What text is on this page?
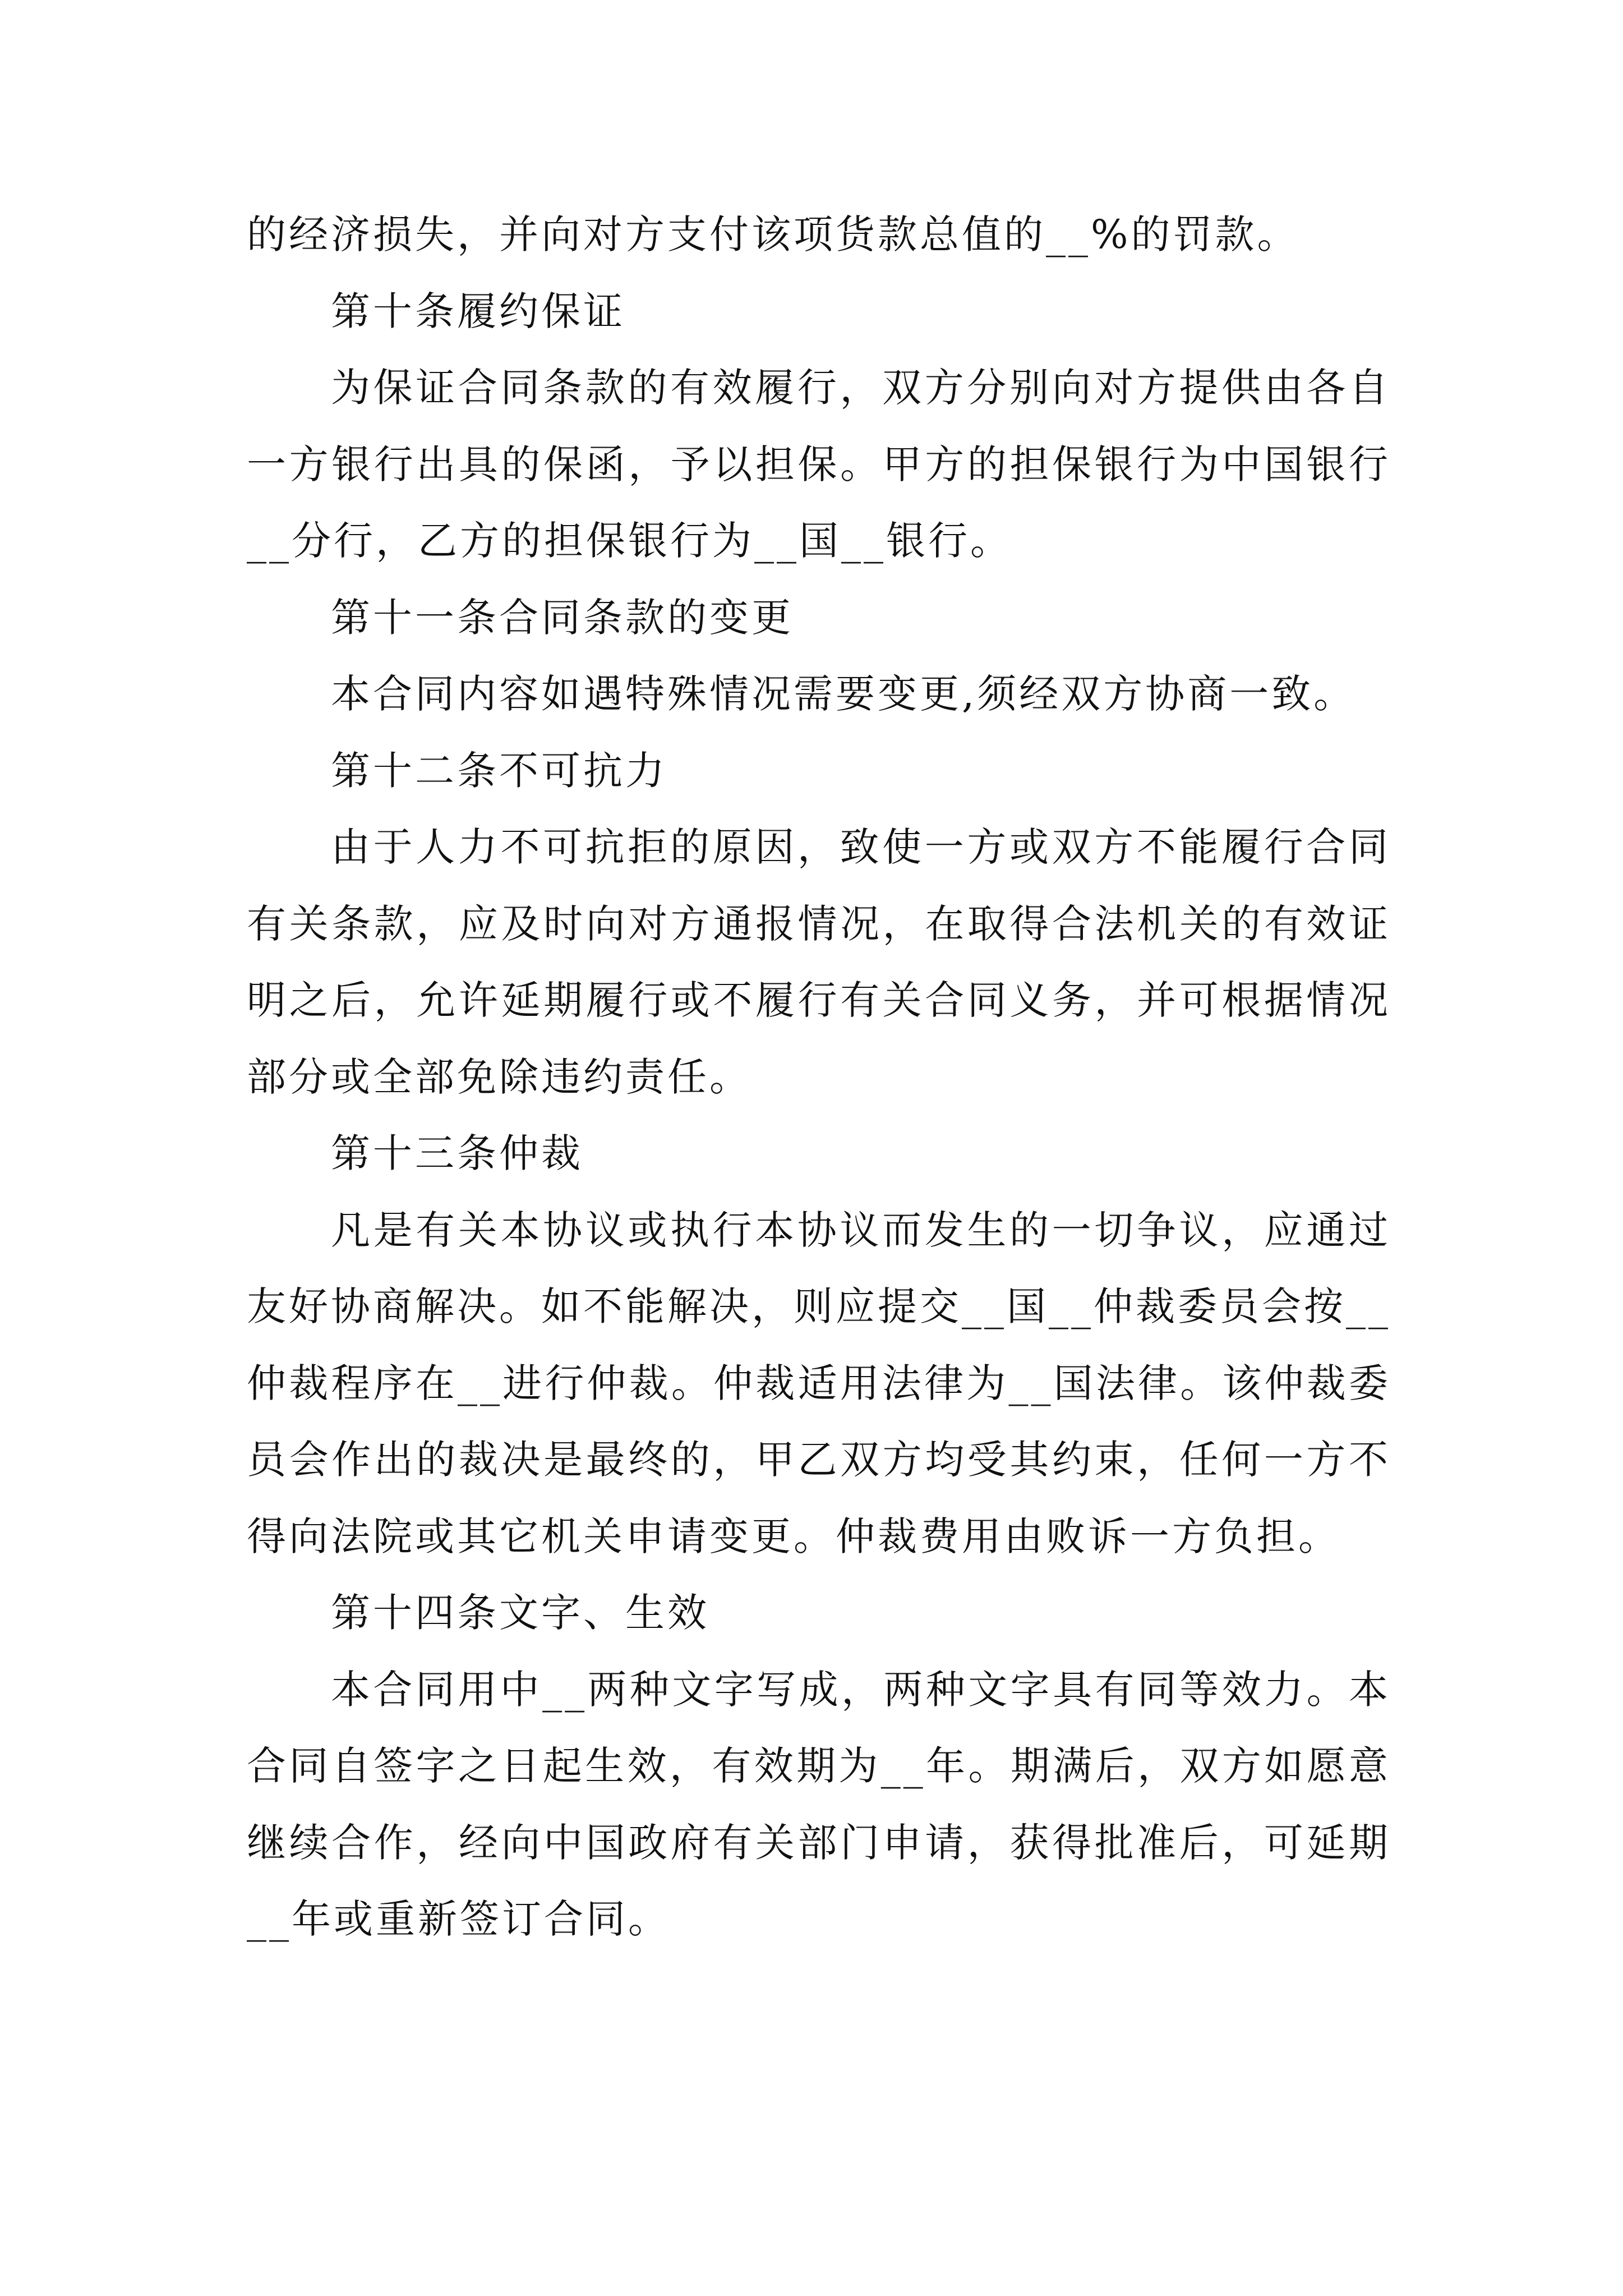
的经济损失，并向对方支付该项货款总值的__%的罚款。

第十条履约保证

为保证合同条款的有效履行，双方分别向对方提供由各自一方银行出具的保函，予以担保。甲方的担保银行为中国银行__分行，乙方的担保银行为__国__银行。

第十一条合同条款的变更

本合同内容如遇特殊情况需要变更,须经双方协商一致。

第十二条不可抗力

由于人力不可抗拒的原因，致使一方或双方不能履行合同有关条款，应及时向对方通报情况，在取得合法机关的有效证明之后，允许延期履行或不履行有关合同义务，并可根据情况部分或全部免除违约责任。

第十三条仲裁

凡是有关本协议或执行本协议而发生的一切争议，应通过友好协商解决。如不能解决，则应提交__国__仲裁委员会按__仲裁程序在__进行仲裁。仲裁适用法律为__国法律。该仲裁委员会作出的裁决是最终的，甲乙双方均受其约束，任何一方不得向法院或其它机关申请变更。仲裁费用由败诉一方负担。

第十四条文字、生效

本合同用中__两种文字写成，两种文字具有同等效力。本合同自签字之日起生效，有效期为__年。期满后，双方如愿意继续合作，经向中国政府有关部门申请，获得批准后，可延期__年或重新签订合同。
